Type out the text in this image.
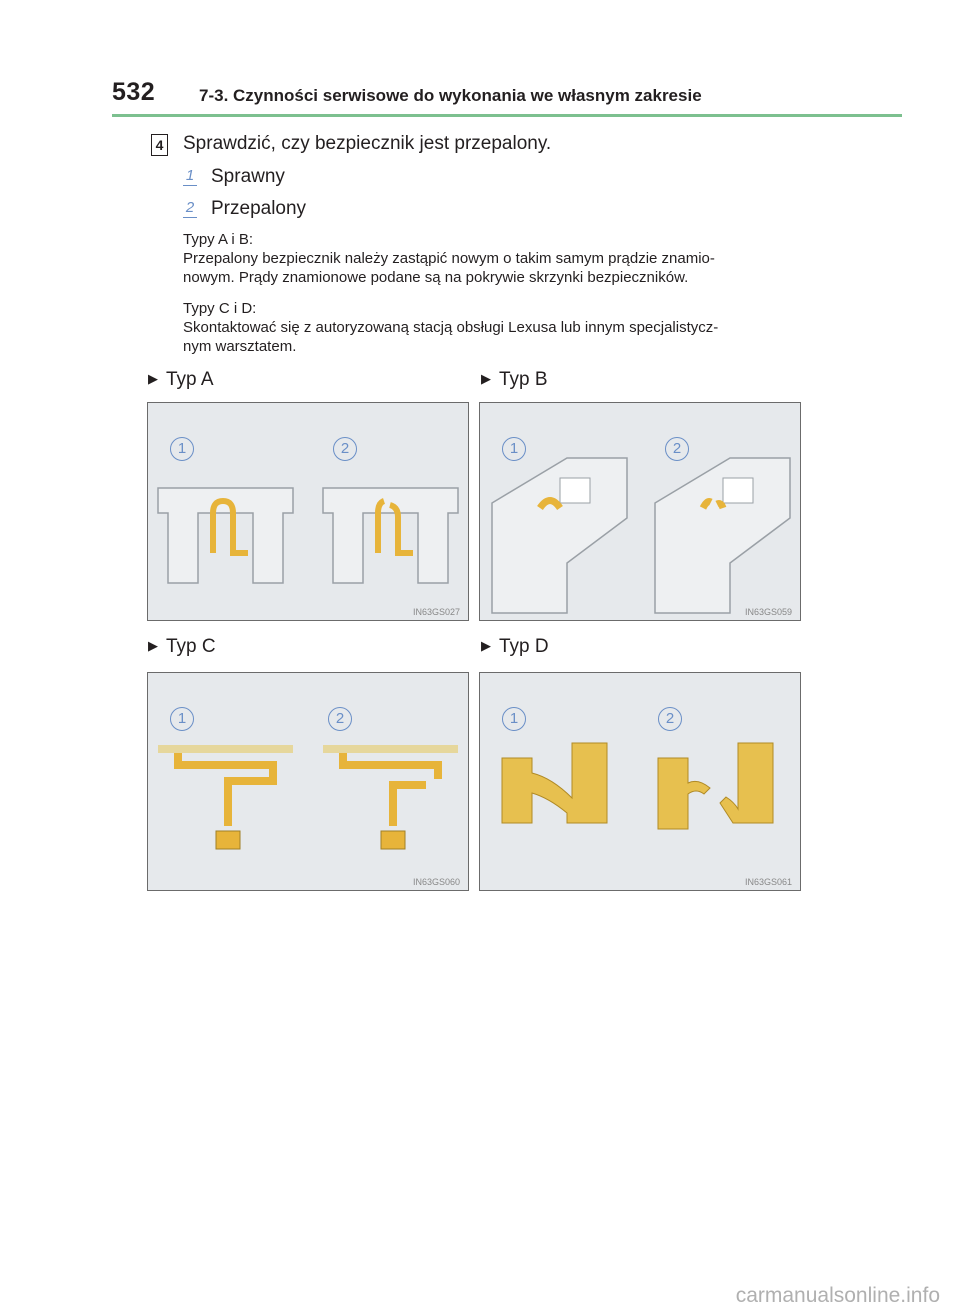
532	7-3. Czynności serwisowe do wykonania we własnym zakresie
4 Sprawdzić, czy bezpiecznik jest przepalony.
1 Sprawny
2 Przepalony
Typy A i B:
Przepalony bezpiecznik należy zastąpić nowym o takim samym prądzie znamio-
nowym. Prądy znamionowe podane są na pokrywie skrzynki bezpieczników.
Typy C i D:
Skontaktować się z autoryzowaną stacją obsługi Lexusa lub innym specjalistycz-
nym warsztatem.
▶ Typ A	▶ Typ B
▶ Typ C	▶ Typ D
1	2
IN63GS027
1	2
IN63GS059
1	2
IN63GS060
1	2
IN63GS061
carmanualsonline.info
